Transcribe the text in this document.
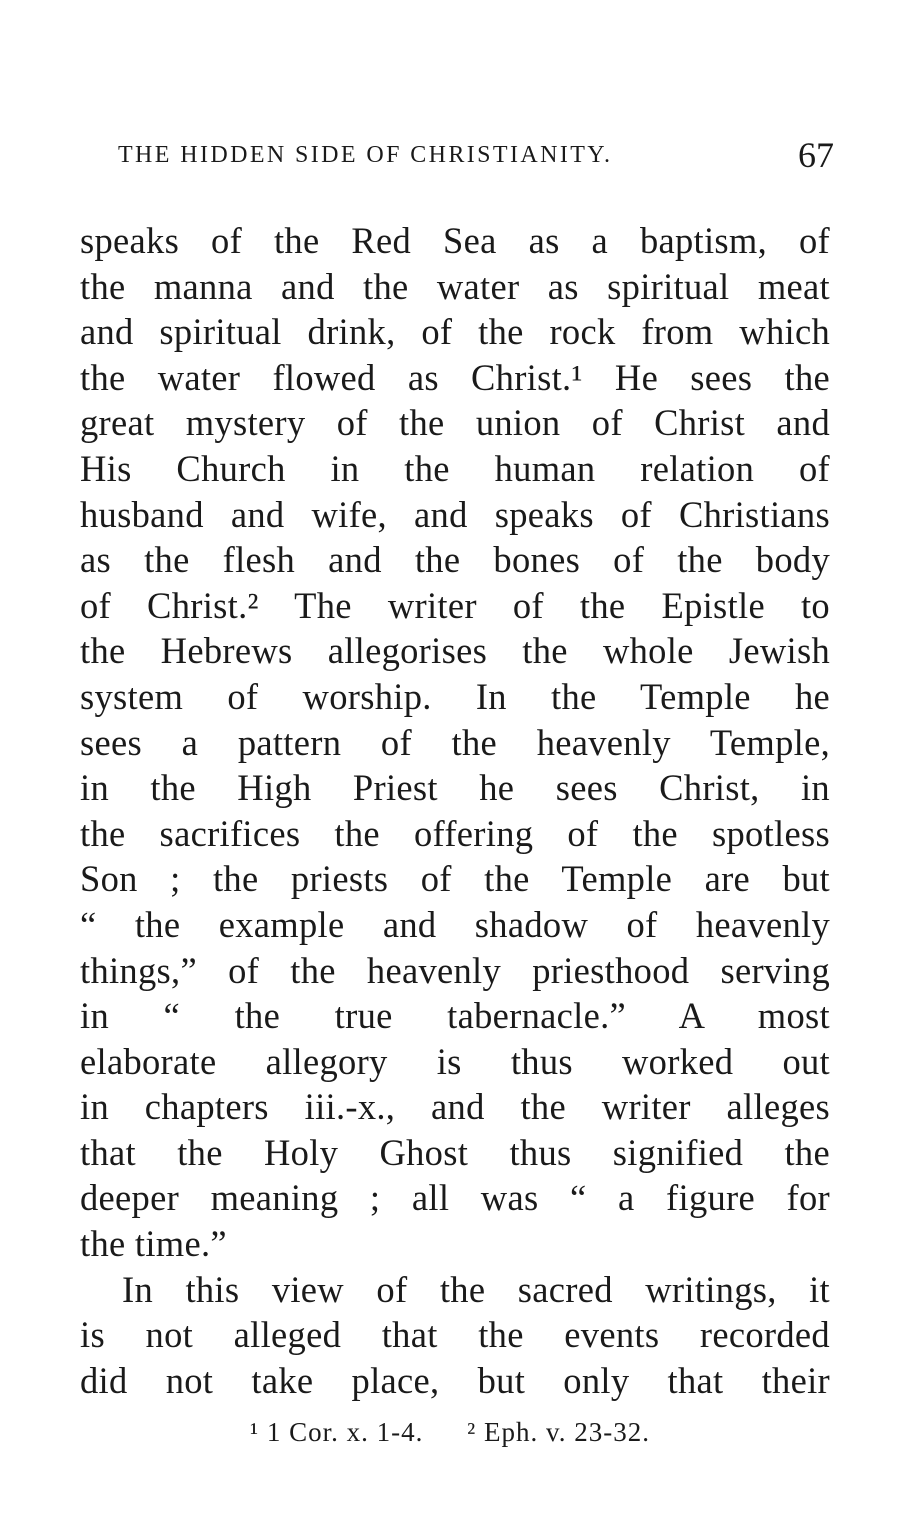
THE HIDDEN SIDE OF CHRISTIANITY.	67
speaks of the Red Sea as a baptism, of
the manna and the water as spiritual meat
and spiritual drink, of the rock from which
the water flowed as Christ.¹ He sees the
great mystery of the union of Christ and
His Church in the human relation of
husband and wife, and speaks of Christians
as the flesh and the bones of the body
of Christ.² The writer of the Epistle to
the Hebrews allegorises the whole Jewish
system of worship. In the Temple he
sees a pattern of the heavenly Temple,
in the High Priest he sees Christ, in
the sacrifices the offering of the spotless
Son ; the priests of the Temple are but
“ the example and shadow of heavenly
things,” of the heavenly priesthood serving
in “ the true tabernacle.” A most
elaborate allegory is thus worked out
in chapters iii.-x., and the writer alleges
that the Holy Ghost thus signified the
deeper meaning ; all was “ a figure for
the time.”
In this view of the sacred writings, it
is not alleged that the events recorded
did not take place, but only that their
¹ 1 Cor. x. 1-4. ² Eph. v. 23-32.
